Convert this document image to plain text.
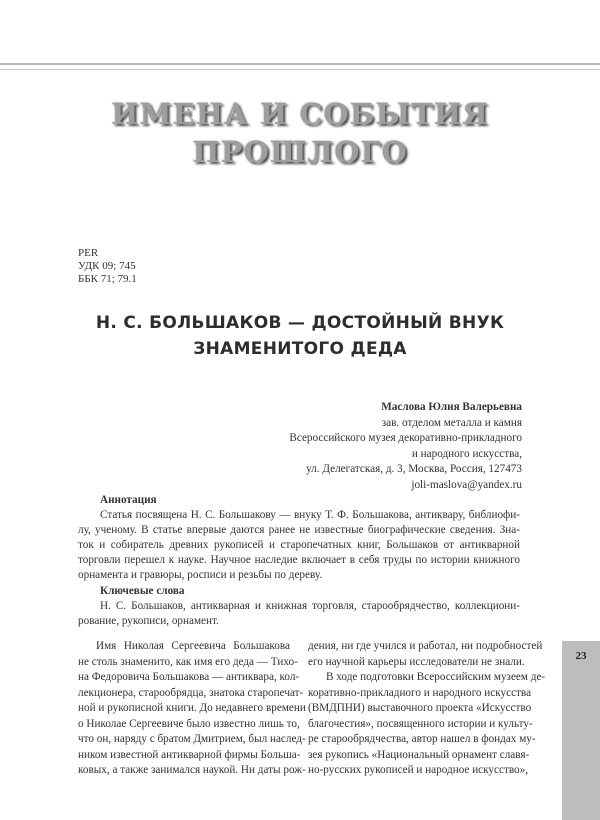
ИМЕНА И СОБЫТИЯ
ПРОШЛОГО
PER
УДК 09; 745
ББК 71; 79.1
Н. С. БОЛЬШАКОВ — ДОСТОЙНЫЙ ВНУК
ЗНАМЕНИТОГО ДЕДА
Маслова Юлия Валерьевна
зав. отделом металла и камня
Всероссийского музея декоративно-прикладного
и народного искусства,
ул. Делегатская, д. 3, Москва, Россия, 127473
joli-maslova@yandex.ru
Аннотация
Статья посвящена Н. С. Большакову — внуку Т. Ф. Большакова, антиквару, библиофи-
лу, ученому. В статье впервые даются ранее не известные биографические сведения. Зна-
ток и собиратель древних рукописей и старопечатных книг, Большаков от антикварной
торговли перешел к науке. Научное наследие включает в себя труды по истории книжного
орнамента и гравюры, росписи и резьбы по дереву.
Ключевые слова
Н. С. Большаков, антикварная и книжная торговля, старообрядчество, коллекциони-
рование, рукописи, орнамент.
Имя Николая Сергеевича Большакова
не столь знаменито, как имя его деда — Тихо-
на Федоровича Большакова — антиквара, кол-
лекционера, старообрядца, знатока старопечат-
ной и рукописной книги. До недавнего времени
о Николае Сергеевиче было известно лишь то,
что он, наряду с братом Дмитрием, был наслед-
ником известной антикварной фирмы Больша-
ковых, а также занимался наукой. Ни даты рож-
дения, ни где учился и работал, ни подробностей
его научной карьеры исследователи не знали.
В ходе подготовки Всероссийским музеем де-
коративно-прикладного и народного искусства
(ВМДПНИ) выставочного проекта «Искусство
благочестия», посвященного истории и культу-
ре старообрядчества, автор нашел в фондах му-
зея рукопись «Национальный орнамент славя-
но-русских рукописей и народное искусство»,
23
